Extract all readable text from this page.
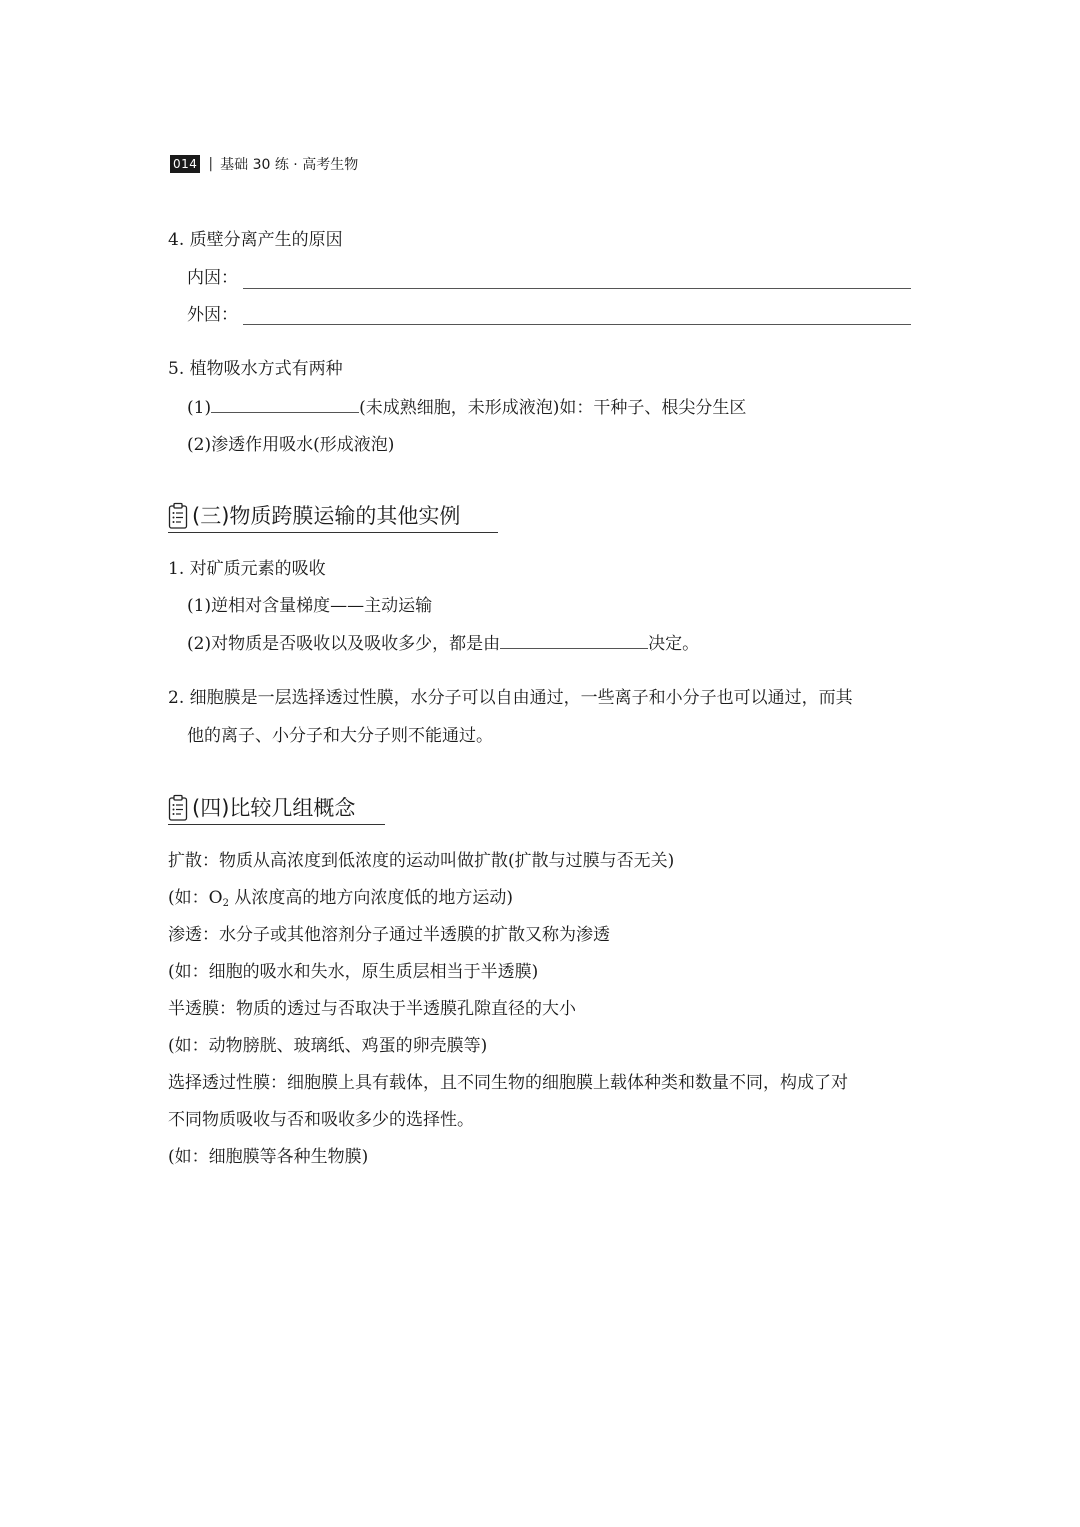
014 | 基础 30 练 · 高考生物
4. 质壁分离产生的原因
内因：
外因：
5. 植物吸水方式有两种
(1)	(未成熟细胞，未形成液泡)如：干种子、根尖分生区
(2)渗透作用吸水(形成液泡)
(三)物质跨膜运输的其他实例
1. 对矿质元素的吸收
(1)逆相对含量梯度——主动运输
(2)对物质是否吸收以及吸收多少，都是由	决定。
2. 细胞膜是一层选择透过性膜，水分子可以自由通过，一些离子和小分子也可以通过，而其
他的离子、小分子和大分子则不能通过。
(四)比较几组概念
扩散：物质从高浓度到低浓度的运动叫做扩散(扩散与过膜与否无关)
(如：$O_2$ 从浓度高的地方向浓度低的地方运动)
渗透：水分子或其他溶剂分子通过半透膜的扩散又称为渗透
(如：细胞的吸水和失水，原生质层相当于半透膜)
半透膜：物质的透过与否取决于半透膜孔隙直径的大小
(如：动物膀胱、玻璃纸、鸡蛋的卵壳膜等)
选择透过性膜：细胞膜上具有载体，且不同生物的细胞膜上载体种类和数量不同，构成了对
不同物质吸收与否和吸收多少的选择性。
(如：细胞膜等各种生物膜)
